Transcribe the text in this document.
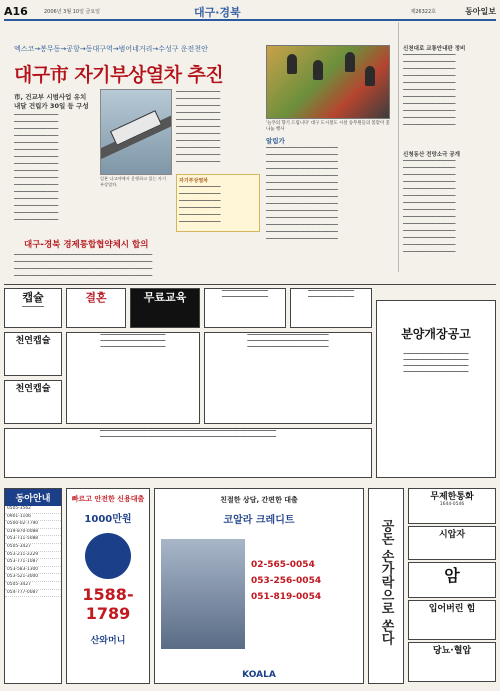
A16	2006년 3월 10일 금요일	대구·경북	제26322호	동아일보
엑스코→봉무동→공항→동대구역→범어네거리→수성구 운전천안
대구市 자기부상열차 추진
市, 건교부 시범사업 유치
내달 건립가 30일 등 구성
━━━━━━━━━━━━━━━━
━━━━━━━━━━━━━━━━
━━━━━━━━━━━━━━━━
━━━━━━━━━━━━━━━━
━━━━━━━━━━━━━━━━
━━━━━━━━━━━━━━━━
━━━━━━━━━━━━━━━━
━━━━━━━━━━━━━━━━
━━━━━━━━━━━━━━━━
━━━━━━━━━━━━━━━━
━━━━━━━━━━━━━━━━
━━━━━━━━━━━━━━━━
━━━━━━━━━━━━━━━━
━━━━━━━━━━━━━━━━
━━━━━━━━━━━━━━━━
━━━━━━━━━━━━━━━━
일본 나고야에서 운행하고 있는 자기부상열차.
━━━━━━━━━━━━━━━━
━━━━━━━━━━━━━━━━
━━━━━━━━━━━━━━━━
━━━━━━━━━━━━━━━━
━━━━━━━━━━━━━━━━
━━━━━━━━━━━━━━━━
━━━━━━━━━━━━━━━━
━━━━━━━━━━━━━━━━
━━━━━━━━━━━━━━━━
━━━━━━━━━━━━━━━━
━━━━━━━━━━━━━━━━
자기부상열차
━━━━━━━━━━━━━━━
━━━━━━━━━━━━━━━
━━━━━━━━━━━━━━━
━━━━━━━━━━━━━━━
━━━━━━━━━━━━━━━
━━━━━━━━━━━━━━━
'늘푸의 향기 드립니다' 대구 도시철도 시설 승무원들의 봄맞이 꽃 나눔 행사
알림가
━━━━━━━━━━━━━━━━━━━━━━━━━━
━━━━━━━━━━━━━━━━━━━━━━━━━━
━━━━━━━━━━━━━━━━━━━━━━━━━━
━━━━━━━━━━━━━━━━━━━━━━━━━━
━━━━━━━━━━━━━━━━━━━━━━━━━━
━━━━━━━━━━━━━━━━━━━━━━━━━━
━━━━━━━━━━━━━━━━━━━━━━━━━━
━━━━━━━━━━━━━━━━━━━━━━━━━━
━━━━━━━━━━━━━━━━━━━━━━━━━━
━━━━━━━━━━━━━━━━━━━━━━━━━━
━━━━━━━━━━━━━━━━━━━━━━━━━━
━━━━━━━━━━━━━━━━━━━━━━━━━━
━━━━━━━━━━━━━━━━━━━━━━━━━━
━━━━━━━━━━━━━━━━━━━━━━━━━━
신천대로 교통안내판 정비
━━━━━━━━━━━━━━━━━━━
━━━━━━━━━━━━━━━━━━━
━━━━━━━━━━━━━━━━━━━
━━━━━━━━━━━━━━━━━━━
━━━━━━━━━━━━━━━━━━━
━━━━━━━━━━━━━━━━━━━
━━━━━━━━━━━━━━━━━━━
━━━━━━━━━━━━━━━━━━━
━━━━━━━━━━━━━━━━━━━
━━━━━━━━━━━━━━━━━━━
━━━━━━━━━━━━━━━━━━━
신청동산 전망소극 공개
━━━━━━━━━━━━━━━━━━━
━━━━━━━━━━━━━━━━━━━
━━━━━━━━━━━━━━━━━━━
━━━━━━━━━━━━━━━━━━━
━━━━━━━━━━━━━━━━━━━
━━━━━━━━━━━━━━━━━━━
━━━━━━━━━━━━━━━━━━━
━━━━━━━━━━━━━━━━━━━
━━━━━━━━━━━━━━━━━━━
━━━━━━━━━━━━━━━━━━━
━━━━━━━━━━━━━━━━━━━
━━━━━━━━━━━━━━━━━━━
━━━━━━━━━━━━━━━━━━━
━━━━━━━━━━━━━━━━━━━
대구-경북 경제통합협약체시 합의
━━━━━━━━━━━━━━━━━━━━━━━━━━━━━━━━━━━━━━━━━━━━━━━━━━
━━━━━━━━━━━━━━━━━━━━━━━━━━━━━━━━━━━━━━━━━━━━━━━━━━
━━━━━━━━━━━━━━━━━━━━━━━━━━━━━━━━━━━━━━━━━━━━━━━━━━
━━━━━━━━━━━━━━━━━━━━━━━━━━━━━━━━━━━━━━━━━━━━━━━━━━
캡슐
━━━━━━━━
결혼	무료교육	━━━━━━━━━━━━━━━━━
━━━━━━━━━━━━━━━━━
━━━━━━━━━━━━━━━━━
━━━━━━━━━━━━━━━━━
분양개장공고
━━━━━━━━━━━━━━━━━━━━━━━━
━━━━━━━━━━━━━━━━━━━━━━━━
━━━━━━━━━━━━━━━━━━━━━━━━
━━━━━━━━━━━━━━━━━━━━━━━━
천연캡슐
천연캡슐
━━━━━━━━━━━━━━━━━━━━━━━━
━━━━━━━━━━━━━━━━━━━━━━━━
━━━━━━━━━━━━━━━━━━━━━━━━
━━━━━━━━━━━━━━━━━━━━━━━━━━━━━━
━━━━━━━━━━━━━━━━━━━━━━━━━━━━━━
━━━━━━━━━━━━━━━━━━━━━━━━━━━━━━
━━━━━━━━━━━━━━━━━━━━━━━━━━━━━━━━━━━━━━━━━━━━━━━━━━━━━━━━━━━━━━━━━
━━━━━━━━━━━━━━━━━━━━━━━━━━━━━━━━━━━━━━━━━━━━━━━━━━━━━━━━━━━━━━━━━
동아안내
0505-3562
0901-1106
0500-02-7790
019-870-0088
053-711-5088
0505-3427
053-211-2229
053-771-1087
053-583-1300
053-521-3000
0505-3427
054-777-0087
빠르고 안전한 신용대출
1000만원
1588-1789
산와머니
친절한 상담, 간편한 대출
코알라 크레디트
02-565-0054
053-256-0054
051-819-0054
KOALA
공돈 손가락으로 쏜다
무제한통화
1644-0546
시압자
암
입어버린 힘
당뇨·혈압
